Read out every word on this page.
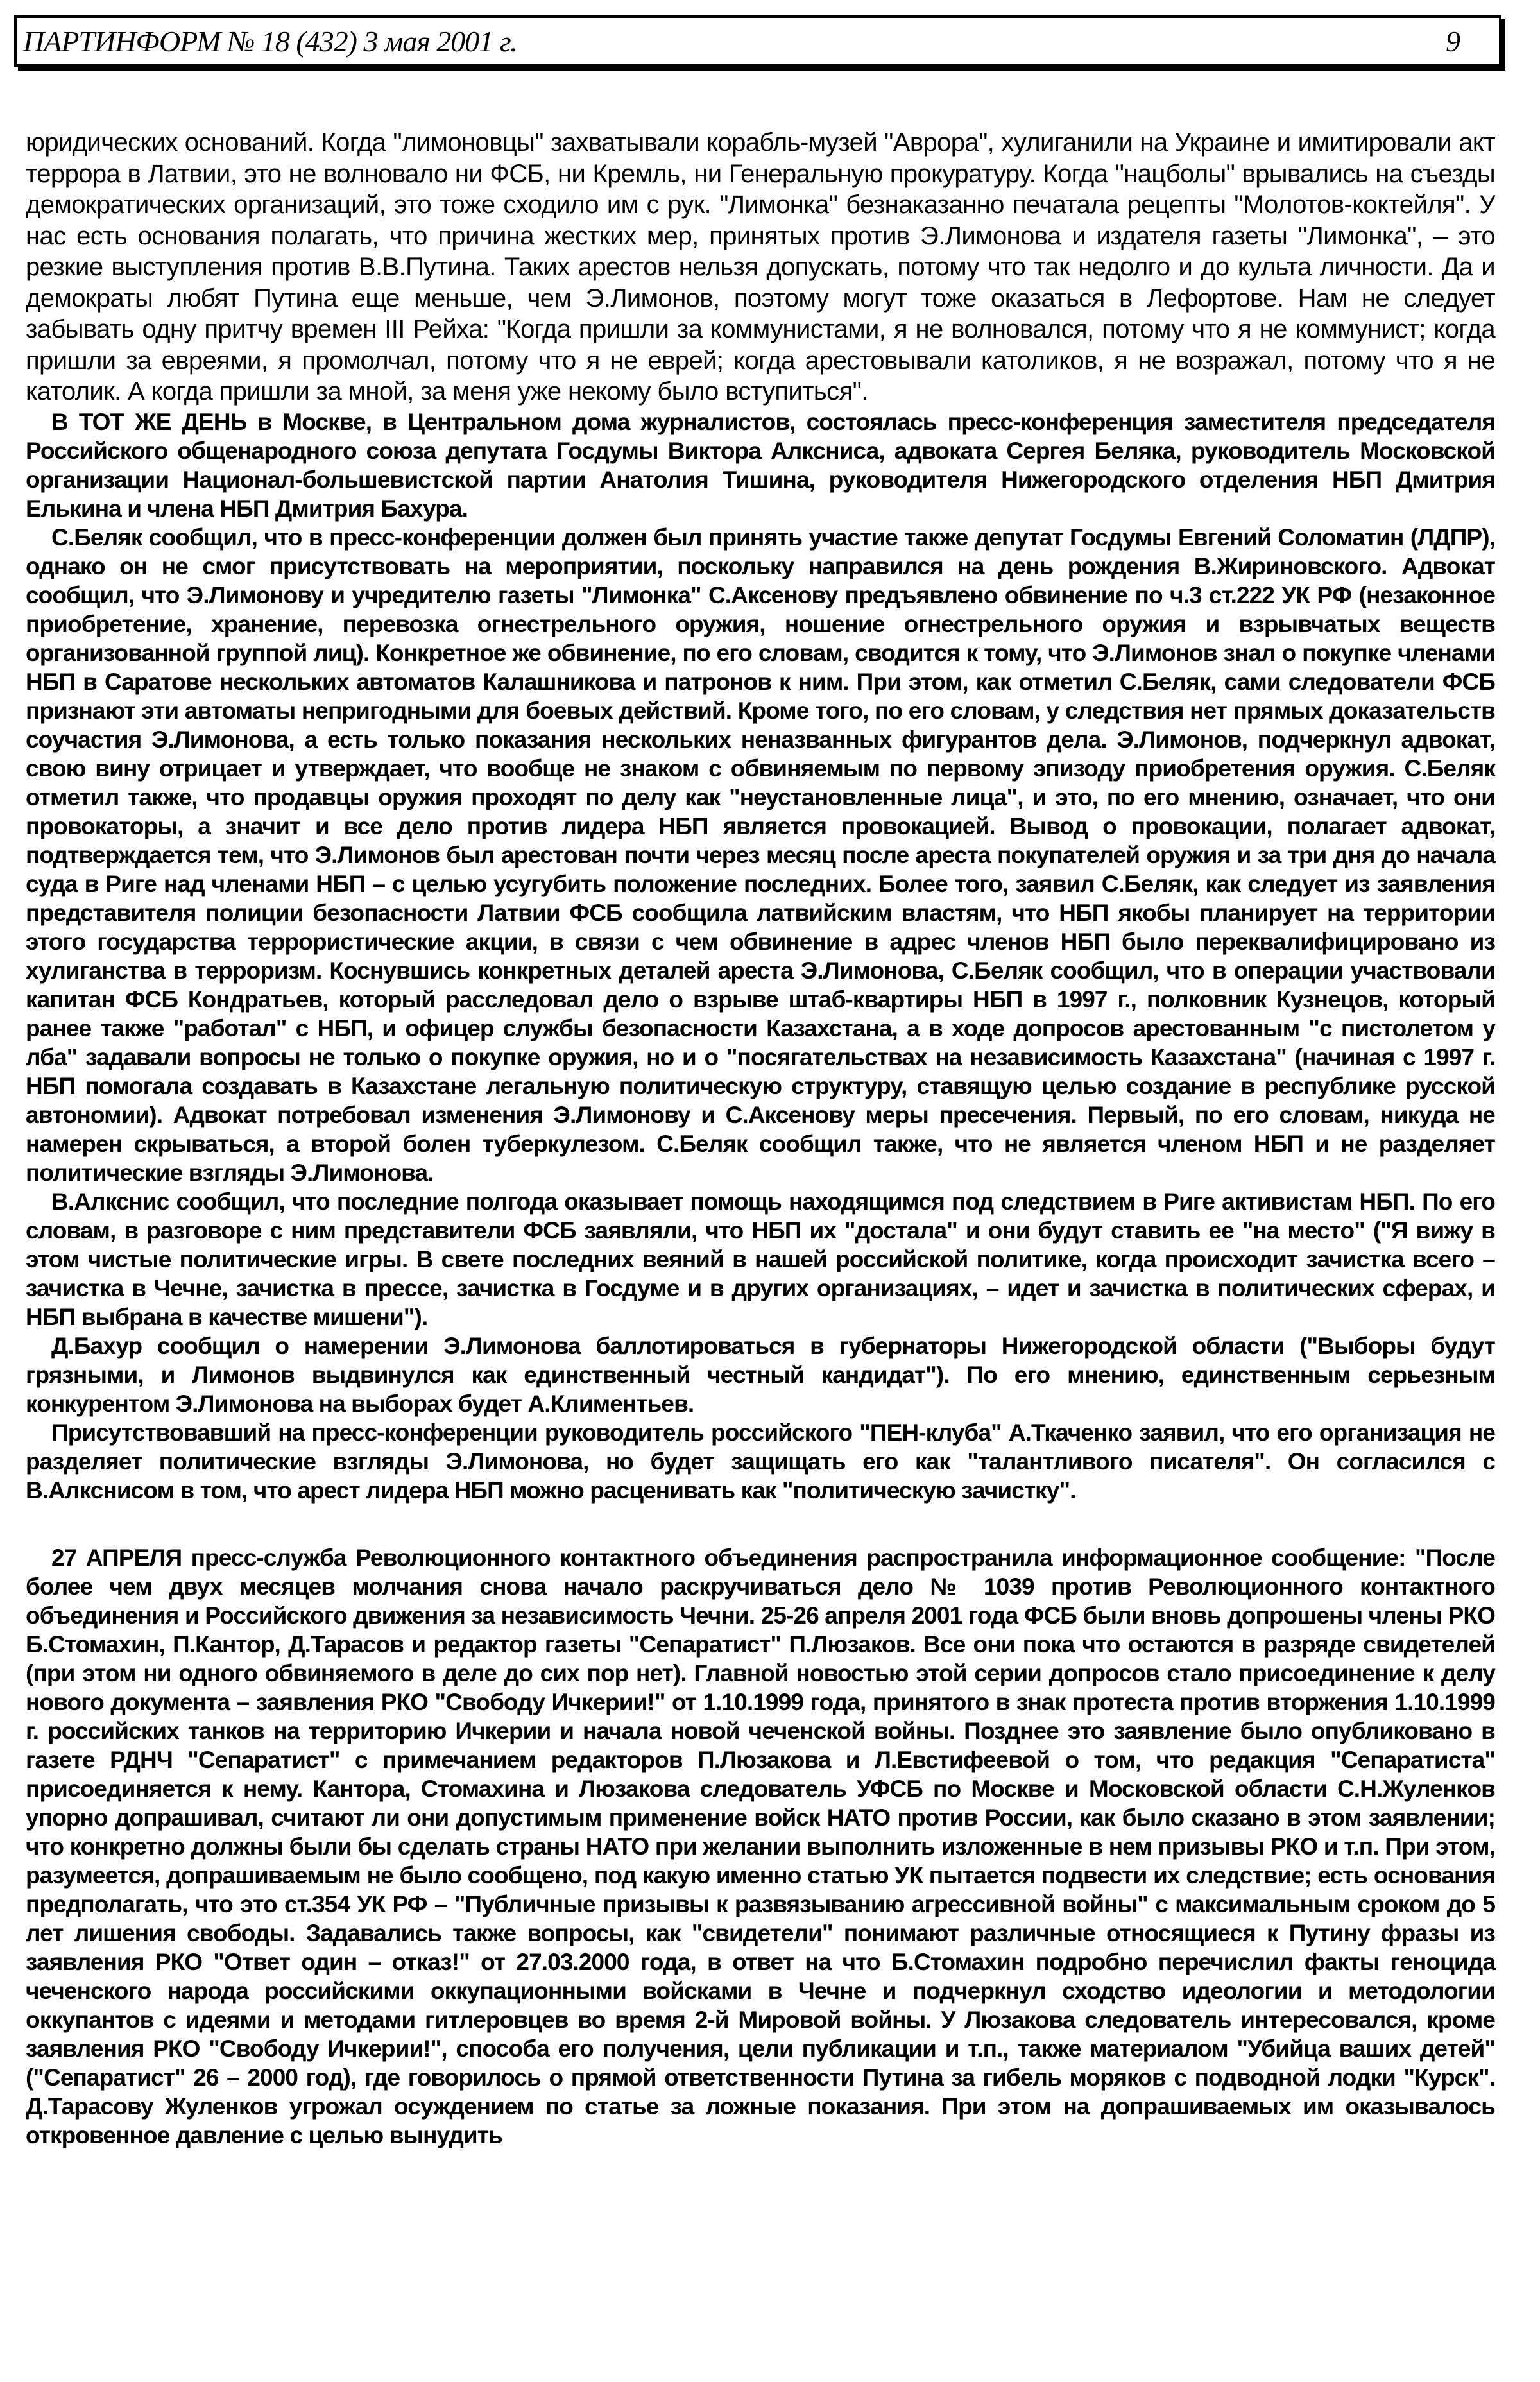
ПАРТИНФОРМ № 18 (432) 3 мая 2001 г.	9

юридических оснований. Когда "лимоновцы" захватывали корабль-музей "Аврора", хулиганили на Украине и имитировали акт террора в Латвии, это не волновало ни ФСБ, ни Кремль, ни Генеральную прокуратуру. Когда "нацболы" врывались на съезды демократических организаций, это тоже сходило им с рук. "Лимонка" безнаказанно печатала рецепты "Молотов-коктейля". У нас есть основания полагать, что причина жестких мер, принятых против Э.Лимонова и издателя газеты "Лимонка", – это резкие выступления против В.В.Путина. Таких арестов нельзя допускать, потому что так недолго и до культа личности. Да и демократы любят Путина еще меньше, чем Э.Лимонов, поэтому могут тоже оказаться в Лефортове. Нам не следует забывать одну притчу времен III Рейха: "Когда пришли за коммунистами, я не волновался, потому что я не коммунист; когда пришли за евреями, я промолчал, потому что я не еврей; когда арестовывали католиков, я не возражал, потому что я не католик. А когда пришли за мной, за меня уже некому было вступиться".

В ТОТ ЖЕ ДЕНЬ в Москве, в Центральном дома журналистов, состоялась пресс-конференция заместителя председателя Российского общенародного союза депутата Госдумы Виктора Алксниса, адвоката Сергея Беляка, руководитель Московской организации Национал-большевистской партии Анатолия Тишина, руководителя Нижегородского отделения НБП Дмитрия Елькина и члена НБП Дмитрия Бахура.

С.Беляк сообщил, что в пресс-конференции должен был принять участие также депутат Госдумы Евгений Соломатин (ЛДПР), однако он не смог присутствовать на мероприятии, поскольку направился на день рождения В.Жириновского. Адвокат сообщил, что Э.Лимонову и учредителю газеты "Лимонка" С.Аксенову предъявлено обвинение по ч.3 ст.222 УК РФ (незаконное приобретение, хранение, перевозка огнестрельного оружия, ношение огнестрельного оружия и взрывчатых веществ организованной группой лиц). Конкретное же обвинение, по его словам, сводится к тому, что Э.Лимонов знал о покупке членами НБП в Саратове нескольких автоматов Калашникова и патронов к ним. При этом, как отметил С.Беляк, сами следователи ФСБ признают эти автоматы непригодными для боевых действий. Кроме того, по его словам, у следствия нет прямых доказательств соучастия Э.Лимонова, а есть только показания нескольких неназванных фигурантов дела. Э.Лимонов, подчеркнул адвокат, свою вину отрицает и утверждает, что вообще не знаком с обвиняемым по первому эпизоду приобретения оружия. С.Беляк отметил также, что продавцы оружия проходят по делу как "неустановленные лица", и это, по его мнению, означает, что они провокаторы, а значит и все дело против лидера НБП является провокацией. Вывод о провокации, полагает адвокат, подтверждается тем, что Э.Лимонов был арестован почти через месяц после ареста покупателей оружия и за три дня до начала суда в Риге над членами НБП – с целью усугубить положение последних. Более того, заявил С.Беляк, как следует из заявления представителя полиции безопасности Латвии ФСБ сообщила латвийским властям, что НБП якобы планирует на территории этого государства террористические акции, в связи с чем обвинение в адрес членов НБП было переквалифицировано из хулиганства в терроризм. Коснувшись конкретных деталей ареста Э.Лимонова, С.Беляк сообщил, что в операции участвовали капитан ФСБ Кондратьев, который расследовал дело о взрыве штаб-квартиры НБП в 1997 г., полковник Кузнецов, который ранее также "работал" с НБП, и офицер службы безопасности Казахстана, а в ходе допросов арестованным "с пистолетом у лба" задавали вопросы не только о покупке оружия, но и о "посягательствах на независимость Казахстана" (начиная с 1997 г. НБП помогала создавать в Казахстане легальную политическую структуру, ставящую целью создание в республике русской автономии). Адвокат потребовал изменения Э.Лимонову и С.Аксенову меры пресечения. Первый, по его словам, никуда не намерен скрываться, а второй болен туберкулезом. С.Беляк сообщил также, что не является членом НБП и не разделяет политические взгляды Э.Лимонова.

В.Алкснис сообщил, что последние полгода оказывает помощь находящимся под следствием в Риге активистам НБП. По его словам, в разговоре с ним представители ФСБ заявляли, что НБП их "достала" и они будут ставить ее "на место" ("Я вижу в этом чистые политические игры. В свете последних веяний в нашей российской политике, когда происходит зачистка всего – зачистка в Чечне, зачистка в прессе, зачистка в Госдуме и в других организациях, – идет и зачистка в политических сферах, и НБП выбрана в качестве мишени").

Д.Бахур сообщил о намерении Э.Лимонова баллотироваться в губернаторы Нижегородской области ("Выборы будут грязными, и Лимонов выдвинулся как единственный честный кандидат"). По его мнению, единственным серьезным конкурентом Э.Лимонова на выборах будет А.Климентьев.

Присутствовавший на пресс-конференции руководитель российского "ПЕН-клуба" А.Ткаченко заявил, что его организация не разделяет политические взгляды Э.Лимонова, но будет защищать его как "талантливого писателя". Он согласился с В.Алкснисом в том, что арест лидера НБП можно расценивать как "политическую зачистку".

27 АПРЕЛЯ пресс-служба Революционного контактного объединения распространила информационное сообщение: "После более чем двух месяцев молчания снова начало раскручиваться дело № 1039 против Революционного контактного объединения и Российского движения за независимость Чечни. 25-26 апреля 2001 года ФСБ были вновь допрошены члены РКО Б.Стомахин, П.Кантор, Д.Тарасов и редактор газеты "Сепаратист" П.Люзаков. Все они пока что остаются в разряде свидетелей (при этом ни одного обвиняемого в деле до сих пор нет). Главной новостью этой серии допросов стало присоединение к делу нового документа – заявления РКО "Свободу Ичкерии!" от 1.10.1999 года, принятого в знак протеста против вторжения 1.10.1999 г. российских танков на территорию Ичкерии и начала новой чеченской войны. Позднее это заявление было опубликовано в газете РДНЧ "Сепаратист" с примечанием редакторов П.Люзакова и Л.Евстифеевой о том, что редакция "Сепаратиста" присоединяется к нему. Кантора, Стомахина и Люзакова следователь УФСБ по Москве и Московской области С.Н.Жуленков упорно допрашивал, считают ли они допустимым применение войск НАТО против России, как было сказано в этом заявлении; что конкретно должны были бы сделать страны НАТО при желании выполнить изложенные в нем призывы РКО и т.п. При этом, разумеется, допрашиваемым не было сообщено, под какую именно статью УК пытается подвести их следствие; есть основания предполагать, что это ст.354 УК РФ – "Публичные призывы к развязыванию агрессивной войны" с максимальным сроком до 5 лет лишения свободы. Задавались также вопросы, как "свидетели" понимают различные относящиеся к Путину фразы из заявления РКО "Ответ один – отказ!" от 27.03.2000 года, в ответ на что Б.Стомахин подробно перечислил факты геноцида чеченского народа российскими оккупационными войсками в Чечне и подчеркнул сходство идеологии и методологии оккупантов с идеями и методами гитлеровцев во время 2-й Мировой войны. У Люзакова следователь интересовался, кроме заявления РКО "Свободу Ичкерии!", способа его получения, цели публикации и т.п., также материалом "Убийца ваших детей" ("Сепаратист" 26 – 2000 год), где говорилось о прямой ответственности Путина за гибель моряков с подводной лодки "Курск". Д.Тарасову Жуленков угрожал осуждением по статье за ложные показания. При этом на допрашиваемых им оказывалось откровенное давление с целью вынудить
